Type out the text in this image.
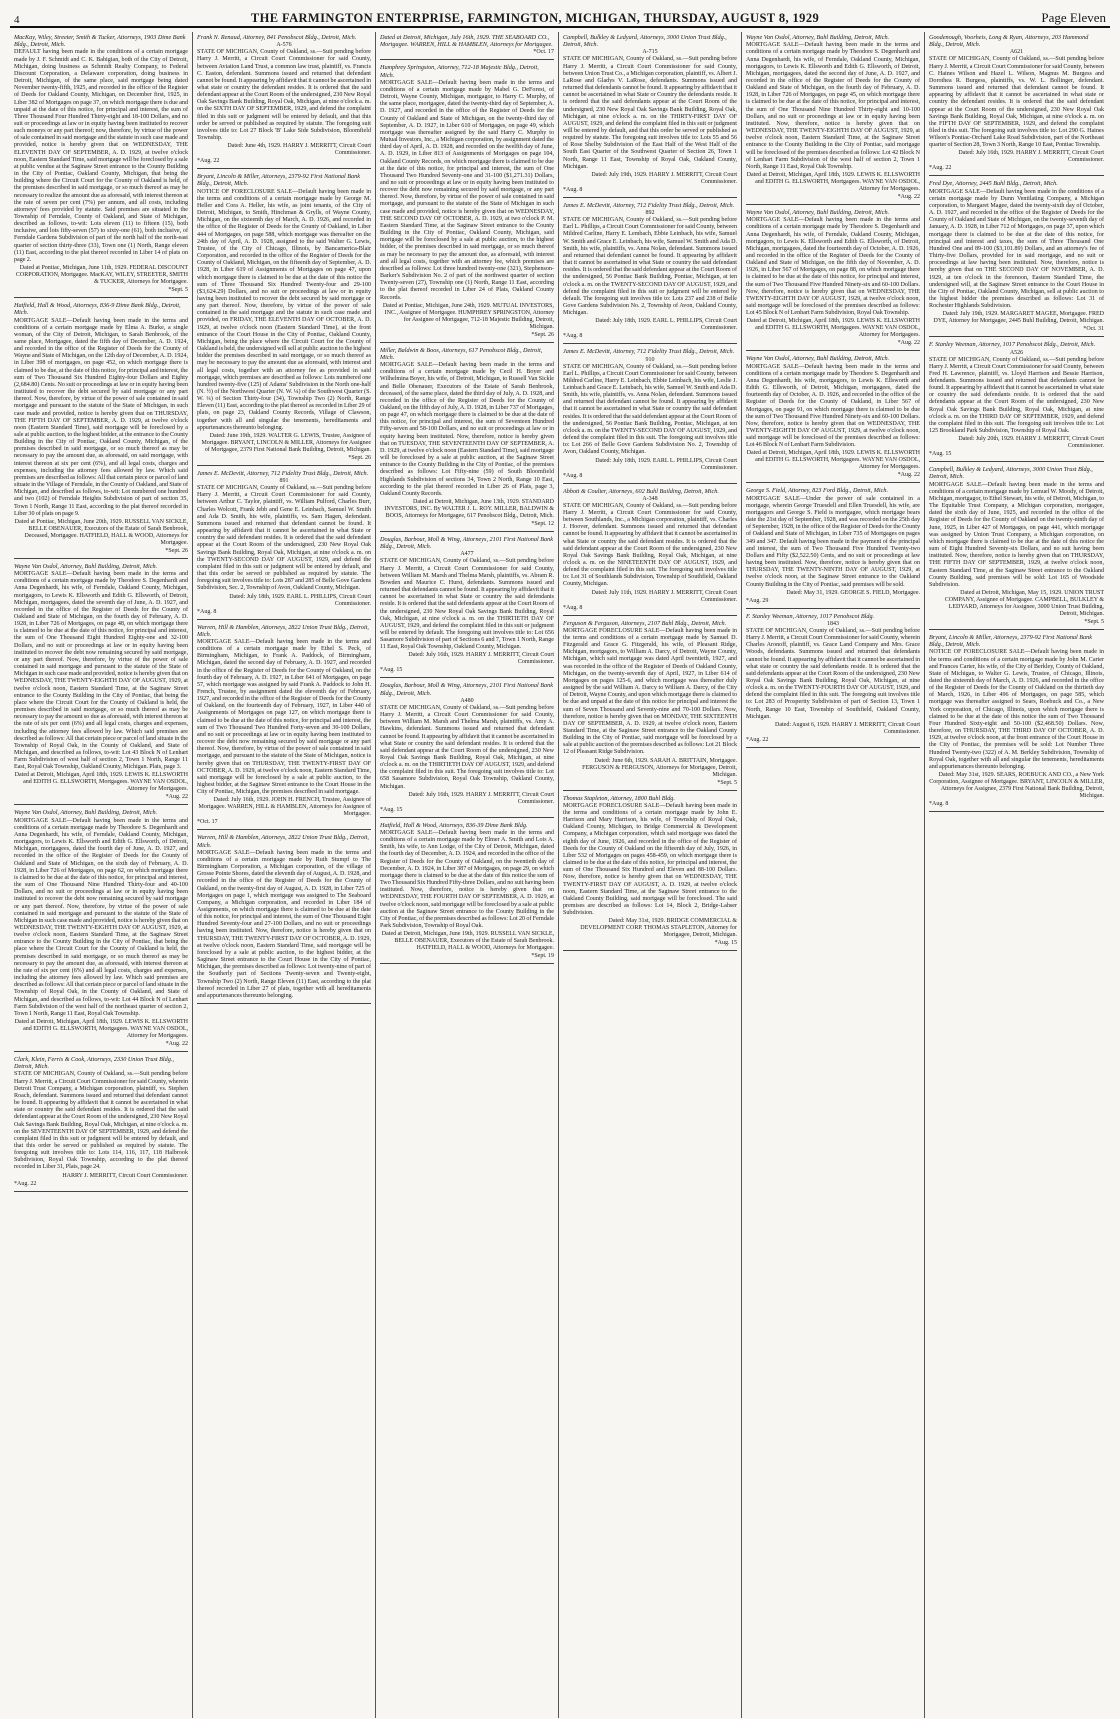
4	THE FARMINGTON ENTERPRISE, FARMINGTON, MICHIGAN, THURSDAY, AUGUST 8, 1929	Page Eleven

MacKay, Wiley, Streeter, Smith & Tucker, Attorneys, 1903 Dime Bank Bldg., Detroit, Mich.

DEFAULT having been made in the conditions of a certain mortgage made by J. F. Schmidt and C. K. Babigian, both of the City of Detroit, Michigan, doing business as Schmidt Realty Company, to Federal Discount Corporation, a Delaware corporation, doing business in Detroit, Michigan, of the same place, said mortgage being dated November twenty-fifth, 1925, and recorded in the office of the Register of Deeds for Oakland County, Michigan, on December first, 1925, in Liber 382 of Mortgages on page 37, on which mortgage there is due and unpaid at the date of this notice, for principal and interest, the sum of Three Thousand Four Hundred Thirty-eight and 18-100 Dollars, and no suit or proceedings at law or in equity having been instituted to recover such moneys or any part thereof; now, therefore, by virtue of the power of sale contained in said mortgage and the statute in such case made and provided, notice is hereby given that on WEDNESDAY, THE ELEVENTH DAY OF SEPTEMBER, A. D. 1929, at twelve o'clock noon, Eastern Standard Time, said mortgage will be foreclosed by a sale at public vendue at the Saginaw Street entrance to the County Building in the City of Pontiac, Oakland County, Michigan, that being the building where the Circuit Court for the County of Oakland is held, of the premises described in said mortgage, or so much thereof as may be necessary to realize the amount due as aforesaid, with interest thereon at the rate of seven per cent (7%) per annum, and all costs, including attorneys' fees provided by statute. Said premises are situated in the Township of Ferndale, County of Oakland, and State of Michigan, described as follows, to-wit: Lots eleven (11) to fifteen (15), both inclusive, and lots fifty-seven (57) to sixty-one (61), both inclusive, of Ferndale Gardens Subdivision of part of the north half of the north-east quarter of section thirty-three (33), Town one (1) North, Range eleven (11) East, according to the plat thereof recorded in Liber 14 of plats on page 2.

Dated at Pontiac, Michigan, June 11th, 1929. FEDERAL DISCOUNT CORPORATION, Mortgagee. MacKAY, WILEY, STREETER, SMITH & TUCKER, Attorneys for Mortgagee.

*Sept. 5

Hatfield, Hall & Wood, Attorneys, 836-9 Dime Bank Bldg., Detroit, Mich.

MORTGAGE SALE—Default having been made in the terms and conditions of a certain mortgage made by Elma A. Burke, a single woman, of the City of Detroit, Michigan, to Sarah Benbrook, of the same place, Mortgagee, dated the fifth day of December, A. D. 1924, and recorded in the office of the Register of Deeds for the County of Wayne and State of Michigan, on the 12th day of December, A. D. 1924, in Liber 398 of mortgages, on page 452, on which mortgage there is claimed to be due, at the date of this notice, for principal and interest, the sum of Two Thousand Six Hundred Eighty-four Dollars and Eighty (2,684.80) Cents. No suit or proceedings at law or in equity having been instituted to recover the debt secured by said mortgage or any part thereof. Now, therefore, by virtue of the power of sale contained in said mortgage and pursuant to the statute of the State of Michigan, in such case made and provided, notice is hereby given that on THURSDAY, THE FIFTH DAY OF SEPTEMBER, A. D. 1929, at twelve o'clock noon (Eastern Standard Time), said mortgage will be foreclosed by a sale at public auction, to the highest bidder, at the entrance to the County Building in the City of Pontiac, Oakland County, Michigan, of the premises described in said mortgage, or so much thereof as may be necessary to pay the amount due, as aforesaid, on said mortgage, with interest thereon at six per cent (6%), and all legal costs, charges and expenses, including the attorney fees allowed by law. Which said premises are described as follows: All that certain piece or parcel of land situate in the Village of Ferndale, in the County of Oakland, and State of Michigan, and described as follows, to-wit: Lot numbered one hundred and two (102) of Ferndale Heights Subdivision of part of section 35, Town 1 North, Range 11 East, according to the plat thereof recorded in Liber 30 of plats on page 9.

Dated at Pontiac, Michigan, June 20th, 1929. RUSSELL VAN SICKLE, BELLE OBENAUER, Executors of the Estate of Sarah Benbrook, Deceased, Mortgagee. HATFIELD, HALL & WOOD, Attorneys for Mortgagee.

*Sept. 26

Wayne Van Osdol, Attorney, Buhl Building, Detroit, Mich.

MORTGAGE SALE—Default having been made in the terms and conditions of a certain mortgage made by Theodore S. Degenhardt and Anna Degenhardt, his wife, of Ferndale, Oakland County, Michigan, mortgagors, to Lewis K. Ellsworth and Edith G. Ellsworth, of Detroit, Michigan, mortgagees, dated the seventh day of June, A. D. 1927, and recorded in the office of the Register of Deeds for the County of Oakland and State of Michigan, on the fourth day of February, A. D. 1928, in Liber 726 of Mortgages, on page 48, on which mortgage there is claimed to be due at the date of this notice, for principal and interest, the sum of One Thousand Eight Hundred Eighty-one and 32-100 Dollars, and no suit or proceedings at law or in equity having been instituted to recover the debt now remaining secured by said mortgage, or any part thereof. Now, therefore, by virtue of the power of sale contained in said mortgage and pursuant to the statute of the State of Michigan in such case made and provided, notice is hereby given that on WEDNESDAY, THE TWENTY-EIGHTH DAY OF AUGUST, 1929, at twelve o'clock noon, Eastern Standard Time, at the Saginaw Street entrance to the County Building in the City of Pontiac, that being the place where the Circuit Court for the County of Oakland is held, the premises described in said mortgage, or so much thereof as may be necessary to pay the amount so due as aforesaid, with interest thereon at the rate of six per cent (6%) and all legal costs, charges and expenses, including the attorney fees allowed by law. Which said premises are described as follows: All that certain piece or parcel of land situate in the Township of Royal Oak, in the County of Oakland, and State of Michigan, and described as follows, to-wit: Lot 43 Block N of Lenhart Farm Subdivision of west half of section 2, Town 1 North, Range 11 East, Royal Oak Township, Oakland County, Michigan. Plats, page 3.

Dated at Detroit, Michigan, April 18th, 1929. LEWIS K. ELLSWORTH and EDITH G. ELLSWORTH, Mortgagees. WAYNE VAN OSDOL, Attorney for Mortgagees.

*Aug. 22

Wayne Van Osdol, Attorney, Buhl Building, Detroit, Mich.

MORTGAGE SALE—Default having been made in the terms and conditions of a certain mortgage made by Theodore S. Degenhardt and Anna Degenhardt, his wife, of Ferndale, Oakland County, Michigan, mortgagors, to Lewis K. Ellsworth and Edith G. Ellsworth, of Detroit, Michigan, mortgagees, dated the fourth day of June, A. D. 1927, and recorded in the office of the Register of Deeds for the County of Oakland and State of Michigan, on the sixth day of February, A. D. 1928, in Liber 726 of Mortgages, on page 62, on which mortgage there is claimed to be due at the date of this notice, for principal and interest, the sum of One Thousand Nine Hundred Thirty-four and 40-100 Dollars, and no suit or proceedings at law or in equity having been instituted to recover the debt now remaining secured by said mortgage or any part thereof. Now, therefore, by virtue of the power of sale contained in said mortgage and pursuant to the statute of the State of Michigan in such case made and provided, notice is hereby given that on WEDNESDAY, THE TWENTY-EIGHTH DAY OF AUGUST, 1929, at twelve o'clock noon, Eastern Standard Time, at the Saginaw Street entrance to the County Building in the City of Pontiac, that being the place where the Circuit Court for the County of Oakland is held, the premises described in said mortgage, or so much thereof as may be necessary to pay the amount due, as aforesaid, with interest thereon at the rate of six per cent (6%) and all legal costs, charges and expenses, including the attorney fees allowed by law. Which said premises are described as follows: All that certain piece or parcel of land situate in the Township of Royal Oak, in the County of Oakland, and State of Michigan, and described as follows, to-wit: Lot 44 Block N of Lenhart Farm Subdivision of the west half of the northeast quarter of section 2, Town 1 North, Range 11 East, Royal Oak Township.

Dated at Detroit, Michigan, April 18th, 1929. LEWIS K. ELLSWORTH and EDITH G. ELLSWORTH, Mortgagees. WAYNE VAN OSDOL, Attorney for Mortgagees.

*Aug. 22

Clark, Klein, Ferris & Cook, Attorneys, 2330 Union Trust Bldg., Detroit, Mich.

STATE OF MICHIGAN, County of Oakland, ss.—Suit pending before Harry J. Merritt, a Circuit Court Commissioner for said County, wherein Detroit Trust Company, a Michigan corporation, plaintiff, vs. Stephen Roach, defendant. Summons issued and returned that defendant cannot be found. It appearing by affidavit that it cannot be ascertained in what state or country the said defendant resides. It is ordered that the said defendant appear at the Court Room of the undersigned, 230 New Royal Oak Savings Bank Building, Royal Oak, Michigan, at nine o'clock a. m. on the SEVENTEENTH DAY OF SEPTEMBER, 1929, and defend the complaint filed in this suit or judgment will be entered by default, and that this order be served or published as required by statute. The foregoing suit involves title to: Lots 114, 116, 117, 118 Halbrook Subdivision, Royal Oak Township, according to the plat thereof recorded in Liber 31, Plats, page 24.

HARRY J. MERRITT, Circuit Court Commissioner.

*Aug. 22

Frank N. Renaud, Attorney, 841 Penobscot Bldg., Detroit, Mich.

A-576

STATE OF MICHIGAN, County of Oakland, ss.—Suit pending before Harry J. Merritt, a Circuit Court Commissioner for said County, between Aviation Land Trust, a common law trust, plaintiff, vs. Francis C. Easton, defendant. Summons issued and returned that defendant cannot be found. It appearing by affidavit that it cannot be ascertained in what state or country the defendant resides. It is ordered that the said defendant appear at the Court Room of the undersigned, 230 New Royal Oak Savings Bank Building, Royal Oak, Michigan, at nine o'clock a. m. on the SIXTH DAY OF SEPTEMBER, 1929, and defend the complaint filed in this suit or judgment will be entered by default, and that this order be served or published as required by statute. The foregoing suit involves title to: Lot 27 Block 'B' Lake Side Subdivision, Bloomfield Township.

Dated: June 4th, 1929. HARRY J. MERRITT, Circuit Court Commissioner.

*Aug. 22

Bryant, Lincoln & Miller, Attorneys, 2379-92 First National Bank Bldg., Detroit, Mich.

NOTICE OF FORECLOSURE SALE—Default having been made in the terms and conditions of a certain mortgage made by George M. Heller and Cora A. Heller, his wife, as joint tenants, of the City of Detroit, Michigan, to Smith, Hinchman & Grylls, of Wayne County, Michigan, on the sixteenth day of March, A. D. 1926, and recorded in the office of the Register of Deeds for the County of Oakland, in Liber 444 of Mortgages, on page 588, which mortgage was thereafter on the 24th day of April, A. D. 1928, assigned to the said Walter G. Lewis, Trustee, of the City of Chicago, Illinois, by Bancamerica-Blair Corporation, and recorded in the office of the Register of Deeds for the County of Oakland, Michigan, on the fifteenth day of September, A. D. 1928, in Liber 619 of Assignments of Mortgages on page 47, upon which mortgage there is claimed to be due at the date of this notice the sum of Three Thousand Six Hundred Twenty-four and 29-100 ($3,624.29) Dollars, and no suit or proceedings at law or in equity having been instituted to recover the debt secured by said mortgage or any part thereof. Now, therefore, by virtue of the power of sale contained in the said mortgage and the statute in such case made and provided, on FRIDAY, THE ELEVENTH DAY OF OCTOBER, A. D. 1929, at twelve o'clock noon (Eastern Standard Time), at the front entrance of the Court House in the City of Pontiac, Oakland County, Michigan, being the place where the Circuit Court for the County of Oakland is held, the undersigned will sell at public auction to the highest bidder the premises described in said mortgage, or so much thereof as may be necessary to pay the amount due as aforesaid, with interest and all legal costs, together with an attorney fee as provided in said mortgage, which premises are described as follows: Lots numbered one hundred twenty-five (125) of Adams' Subdivision in the North one-half (N. ½) of the Northwest Quarter (N. W. ¼) of the Southwest Quarter (S. W. ¼) of Section Thirty-four (34), Township Two (2) North, Range Eleven (11) East, according to the plat thereof as recorded in Liber 29 of plats, on page 23, Oakland County Records, Village of Clawson, together with all and singular the tenements, hereditaments and appurtenances thereunto belonging.

Dated: June 19th, 1929. WALTER G. LEWIS, Trustee, Assignee of Mortgagee. BRYANT, LINCOLN & MILLER, Attorneys for Assignee of Mortgagee, 2379 First National Bank Building, Detroit, Michigan.

*Sept. 26

James E. McDevitt, Attorney, 712 Fidelity Trust Bldg., Detroit, Mich.

891

STATE OF MICHIGAN, County of Oakland, ss.—Suit pending before Harry J. Merritt, a Circuit Court Commissioner for said County, between Arthur C. Taylor, plaintiff, vs. William Pulford, Charles Burr, Charles Wolcott, Frank Jebb and Gene E. Leinbach, Samuel W. Smith and Ada D. Smith, his wife, plaintiffs, vs. Sam Hagen, defendant. Summons issued and returned that defendant cannot be found. It appearing by affidavit that it cannot be ascertained in what State or country the said defendant resides. It is ordered that the said defendant appear at the Court Room of the undersigned, 230 New Royal Oak Savings Bank Building, Royal Oak, Michigan, at nine o'clock a. m. on the TWENTY-SECOND DAY OF AUGUST, 1929, and defend the complaint filed in this suit or judgment will be entered by default, and that this order be served or published as required by statute. The foregoing suit involves title to: Lots 287 and 285 of Belle Gove Gardens Subdivision, Sec. 2, Township of Avon, Oakland County, Michigan.

Dated: July 18th, 1929. EARL L. PHILLIPS, Circuit Court Commissioner.

*Aug. 8

Warren, Hill & Hamblen, Attorneys, 2822 Union Trust Bldg., Detroit, Mich.

MORTGAGE SALE—Default having been made in the terms and conditions of a certain mortgage made by Ethel S. Peck, of Birmingham, Michigan, to Frank A. Paddock, of Birmingham, Michigan, dated the second day of February, A. D. 1927, and recorded in the office of the Register of Deeds for the County of Oakland, on the fourth day of February, A. D. 1927, in Liber 641 of Mortgages, on page 57, which mortgage was assigned by said Frank A. Paddock to John H. French, Trustee, by assignment dated the eleventh day of February, 1927, and recorded in the office of the Register of Deeds for the County of Oakland, on the fourteenth day of February, 1927, in Liber 440 of Assignments of Mortgages on page 127, on which mortgage there is claimed to be due at the date of this notice, for principal and interest, the sum of Two Thousand Two Hundred Forty-seven and 30-100 Dollars, and no suit or proceedings at law or in equity having been instituted to recover the debt now remaining secured by said mortgage or any part thereof. Now, therefore, by virtue of the power of sale contained in said mortgage, and pursuant to the statute of the State of Michigan, notice is hereby given that on THURSDAY, THE TWENTY-FIRST DAY OF OCTOBER, A. D. 1929, at twelve o'clock noon, Eastern Standard Time, said mortgage will be foreclosed by a sale at public auction, to the highest bidder, at the Saginaw Street entrance to the Court House in the City of Pontiac, Michigan, the premises described in said mortgage.

Dated: July 16th, 1929. JOHN H. FRENCH, Trustee, Assignee of Mortgagee. WARREN, HILL & HAMBLEN, Attorneys for Assignee of Mortgagee.

*Oct. 17

Warren, Hill & Hamblen, Attorneys, 2822 Union Trust Bldg., Detroit, Mich.

MORTGAGE SALE—Default having been made in the terms and conditions of a certain mortgage made by Ruth Stumpf to The Birmingham Corporation, a Michigan corporation, of the village of Grosse Pointe Shores, dated the eleventh day of August, A. D. 1928, and recorded in the office of the Register of Deeds for the County of Oakland, on the twenty-first day of August, A. D. 1928, in Liber 725 of Mortgages on page 1, which mortgage was assigned to The Seaboard Company, a Michigan corporation, and recorded in Liber 184 of Assignments, on which mortgage there is claimed to be due at the date of this notice, for principal and interest, the sum of One Thousand Eight Hundred Seventy-four and 27-100 Dollars, and no suit or proceedings having been instituted. Now, therefore, notice is hereby given that on THURSDAY, THE TWENTY-FIRST DAY OF OCTOBER, A. D. 1929, at twelve o'clock noon, Eastern Standard Time, said mortgage will be foreclosed by a sale at public auction, to the highest bidder, at the Saginaw Street entrance to the Court House in the City of Pontiac, Michigan, the premises described as follows: Lot twenty-nine of part of the Southerly part of Sections Twenty-seven and Twenty-eight, Township Two (2) North, Range Eleven (11) East, according to the plat thereof recorded in Liber 27 of plats, together with all hereditaments and appurtenances thereunto belonging.

Dated at Detroit, Michigan, July 16th, 1929. THE SEABOARD CO., Mortgagee. WARREN, HILL & HAMBLEN, Attorneys for Mortgagee.

*Oct. 17

Humphrey Springston, Attorney, 712-18 Majestic Bldg., Detroit, Mich.

MORTGAGE SALE—Default having been made in the terms and conditions of a certain mortgage made by Mabel G. DeForest, of Detroit, Wayne County, Michigan, mortgagor, to Harry C. Murphy, of the same place, mortgagee, dated the twenty-third day of September, A. D. 1927, and recorded in the office of the Register of Deeds for the County of Oakland and State of Michigan, on the twenty-third day of September, A. D. 1927, in Liber 610 of Mortgages, on page 49, which mortgage was thereafter assigned by the said Harry C. Murphy to Mutual Investors, Inc., a Michigan corporation, by assignment dated the third day of April, A. D. 1928, and recorded on the twelfth day of June, A. D. 1929, in Liber 813 of Assignments of Mortgages on page 104, Oakland County Records, on which mortgage there is claimed to be due at the date of this notice, for principal and interest, the sum of One Thousand Two Hundred Seventy-one and 31-100 ($1,271.31) Dollars, and no suit or proceedings at law or in equity having been instituted to recover the debt now remaining secured by said mortgage, or any part thereof. Now, therefore, by virtue of the power of sale contained in said mortgage, and pursuant to the statute of the State of Michigan in such case made and provided, notice is hereby given that on WEDNESDAY, THE SECOND DAY OF OCTOBER, A. D. 1929, at two o'clock P. M. Eastern Standard Time, at the Saginaw Street entrance to the County Building in the City of Pontiac, Oakland County, Michigan, said mortgage will be foreclosed by a sale at public auction, to the highest bidder, of the premises described in said mortgage, or so much thereof as may be necessary to pay the amount due, as aforesaid, with interest and all legal costs, together with an attorney fee, which premises are described as follows: Lot three hundred twenty-one (321), Stephenson-Barker's Subdivision No. 2 of part of the northwest quarter of section Twenty-seven (27), Township one (1) North, Range 11 East, according to the plat thereof recorded in Liber 24 of Plats, Oakland County Records.

Dated at Pontiac, Michigan, June 24th, 1929. MUTUAL INVESTORS, INC., Assignee of Mortgagee. HUMPHREY SPRINGSTON, Attorney for Assignee of Mortgagee, 712-18 Majestic Building, Detroit, Michigan.

*Sept. 26

Miller, Baldwin & Boos, Attorneys, 617 Penobscot Bldg., Detroit, Mich.

MORTGAGE SALE—Default having been made in the terms and conditions of a certain mortgage made by Cecil H. Boyer and Wilhelmina Boyer, his wife, of Detroit, Michigan, to Russell Van Sickle and Belle Obenauer, Executors of the Estate of Sarah Benbrook, deceased, of the same place, dated the third day of July, A. D. 1928, and recorded in the office of the Register of Deeds for the County of Oakland, on the fifth day of July, A. D. 1928, in Liber 737 of Mortgages, on page 47, on which mortgage there is claimed to be due at the date of this notice, for principal and interest, the sum of Seventeen Hundred Fifty-seven and 58-100 Dollars, and no suit or proceedings at law or in equity having been instituted. Now, therefore, notice is hereby given that on TUESDAY, THE SEVENTEENTH DAY OF SEPTEMBER, A. D. 1929, at twelve o'clock noon (Eastern Standard Time), said mortgage will be foreclosed by a sale at public auction, at the Saginaw Street entrance to the County Building in the City of Pontiac, of the premises described as follows: Lot Fifty-nine (59) of South Bloomfield Highlands Subdivision of sections 34, Town 2 North, Range 10 East, according to the plat thereof recorded in Liber 26 of Plats, page 3, Oakland County Records.

Dated at Detroit, Michigan, June 13th, 1929. STANDARD INVESTORS, INC. By WALTER J. L. ROY. MILLER, BALDWIN & BOOS, Attorneys for Mortgagee, 617 Penobscot Bldg., Detroit, Mich.

*Sept. 12

Douglas, Barbour, Moll & Wing, Attorneys, 2101 First National Bank Bldg., Detroit, Mich.

A477

STATE OF MICHIGAN, County of Oakland, ss.—Suit pending before Harry J. Merritt, a Circuit Court Commissioner for said County, between William M. Marsh and Thelma Marsh, plaintiffs, vs. Abram R. Bowden and Maurice C. Hurst, defendants. Summons issued and returned that defendants cannot be found. It appearing by affidavit that it cannot be ascertained in what State or country the said defendants reside. It is ordered that the said defendants appear at the Court Room of the undersigned, 230 New Royal Oak Savings Bank Building, Royal Oak, Michigan, at nine o'clock a. m. on the THIRTIETH DAY OF AUGUST, 1929, and defend the complaint filed in this suit or judgment will be entered by default. The foregoing suit involves title to: Lot 656 Sasamore Subdivision of part of Sections 6 and 7, Town 1 North, Range 11 East, Royal Oak Township, Oakland County, Michigan.

Dated: July 16th, 1929. HARRY J. MERRITT, Circuit Court Commissioner.

*Aug. 15

Douglas, Barbour, Moll & Wing, Attorneys, 2101 First National Bank Bldg., Detroit, Mich.

A480

STATE OF MICHIGAN, County of Oakland, ss.—Suit pending before Harry J. Merritt, a Circuit Court Commissioner for said County, between William M. Marsh and Thelma Marsh, plaintiffs, vs. Amy A. Hawkins, defendant. Summons issued and returned that defendant cannot be found. It appearing by affidavit that it cannot be ascertained in what State or country the said defendant resides. It is ordered that the said defendant appear at the Court Room of the undersigned, 230 New Royal Oak Savings Bank Building, Royal Oak, Michigan, at nine o'clock a. m. on the THIRTIETH DAY OF AUGUST, 1929, and defend the complaint filed in this suit. The foregoing suit involves title to: Lot 658 Sasamore Subdivision, Royal Oak Township, Oakland County, Michigan.

Dated: July 16th, 1929. HARRY J. MERRITT, Circuit Court Commissioner.

*Aug. 15

Hatfield, Hall & Wood, Attorneys, 836-39 Dime Bank Bldg.

MORTGAGE SALE—Default having been made in the terms and conditions of a certain mortgage made by Elmer A. Smith and Lois A. Smith, his wife, to Ann Lodge, of the City of Detroit, Michigan, dated the fourth day of December, A. D. 1924, and recorded in the office of the Register of Deeds for the County of Oakland, on the twentieth day of December, A. D. 1924, in Liber 387 of Mortgages, on page 29, on which mortgage there is claimed to be due at the date of this notice the sum of Two Thousand Six Hundred Fifty-three Dollars, and no suit having been instituted. Now, therefore, notice is hereby given that on WEDNESDAY, THE FOURTH DAY OF SEPTEMBER, A. D. 1929, at twelve o'clock noon, said mortgage will be foreclosed by a sale at public auction at the Saginaw Street entrance to the County Building in the City of Pontiac, of the premises described as follows: Lot 20 of Ferndale Park Subdivision, Township of Royal Oak.

Dated at Detroit, Michigan, June 19th, 1929. RUSSELL VAN SICKLE, BELLE OBENAUER, Executors of the Estate of Sarah Benbrook. HATFIELD, HALL & WOOD, Attorneys for Mortgagee.

*Sept. 19

Campbell, Bulkley & Ledyard, Attorneys, 3000 Union Trust Bldg., Detroit, Mich.

A-715

STATE OF MICHIGAN, County of Oakland, ss.—Suit pending before Harry J. Merritt, a Circuit Court Commissioner for said County, between Union Trust Co., a Michigan corporation, plaintiff, vs. Albert J. LaRose and Gladys V. LaRose, defendants. Summons issued and returned that defendants cannot be found. It appearing by affidavit that it cannot be ascertained in what State or Country the defendants reside. It is ordered that the said defendants appear at the Court Room of the undersigned, 230 New Royal Oak Savings Bank Building, Royal Oak, Michigan, at nine o'clock a. m. on the THIRTY-FIRST DAY OF AUGUST, 1929, and defend the complaint filed in this suit or judgment will be entered by default, and that this order be served or published as required by statute. The foregoing suit involves title to: Lots 55 and 56 of Rose Shelby Subdivision of the East Half of the West Half of the South East Quarter of the Southwest Quarter of Section 26, Town 1 North, Range 11 East, Township of Royal Oak, Oakland County, Michigan.

Dated: July 19th, 1929. HARRY J. MERRITT, Circuit Court Commissioner.

*Aug. 8

James E. McDevitt, Attorney, 712 Fidelity Trust Bldg., Detroit, Mich.

892

STATE OF MICHIGAN, County of Oakland, ss.—Suit pending before Earl L. Phillips, a Circuit Court Commissioner for said County, between Mildred Carline, Harry E. Lembach, Ebbie Leinbach, his wife, Samuel W. Smith and Grace E. Leinbach, his wife, Samuel W. Smith and Ada D. Smith, his wife, plaintiffs, vs. Anna Nolan, defendant. Summons issued and returned that defendant cannot be found. It appearing by affidavit that it cannot be ascertained in what State or country the said defendant resides. It is ordered that the said defendant appear at the Court Room of the undersigned, 56 Pontiac Bank Building, Pontiac, Michigan, at ten o'clock a. m. on the TWENTY-SECOND DAY OF AUGUST, 1929, and defend the complaint filed in this suit or judgment will be entered by default. The foregoing suit involves title to: Lots 237 and 238 of Belle Gove Gardens Subdivision No. 2, Township of Avon, Oakland County, Michigan.

Dated: July 18th, 1929. EARL L. PHILLIPS, Circuit Court Commissioner.

*Aug. 8

James E. McDevitt, Attorney, 712 Fidelity Trust Bldg., Detroit, Mich.

910

STATE OF MICHIGAN, County of Oakland, ss.—Suit pending before Earl L. Phillips, a Circuit Court Commissioner for said County, between Mildred Carline, Harry E. Leinbach, Ebbie Leinbach, his wife, Leslie J. Leinbach and Grace E. Leinbach, his wife, Samuel W. Smith and Ada D. Smith, his wife, plaintiffs, vs. Anna Nolan, defendant. Summons issued and returned that defendant cannot be found. It appearing by affidavit that it cannot be ascertained in what State or country the said defendant resides. It is ordered that the said defendant appear at the Court Room of the undersigned, 56 Pontiac Bank Building, Pontiac, Michigan, at ten o'clock a. m. on the TWENTY-SECOND DAY OF AUGUST, 1929, and defend the complaint filed in this suit. The foregoing suit involves title to: Lot 266 of Belle Gove Gardens Subdivision No. 2, Township of Avon, Oakland County, Michigan.

Dated: July 18th, 1929. EARL L. PHILLIPS, Circuit Court Commissioner.

*Aug. 8

Abbott & Coulter, Attorneys, 602 Buhl Building, Detroit, Mich.

A-348

STATE OF MICHIGAN, County of Oakland, ss.—Suit pending before Harry J. Merritt, a Circuit Court Commissioner for said County, between Southlands, Inc., a Michigan corporation, plaintiff, vs. Charles J. Hoover, defendant. Summons issued and returned that defendant cannot be found. It appearing by affidavit that it cannot be ascertained in what State or country the said defendant resides. It is ordered that the said defendant appear at the Court Room of the undersigned, 230 New Royal Oak Savings Bank Building, Royal Oak, Michigan, at nine o'clock a. m. on the NINETEENTH DAY OF AUGUST, 1929, and defend the complaint filed in this suit. The foregoing suit involves title to: Lot 31 of Southlands Subdivision, Township of Southfield, Oakland County, Michigan.

Dated: July 11th, 1929. HARRY J. MERRITT, Circuit Court Commissioner.

*Aug. 8

Ferguson & Ferguson, Attorneys, 2107 Buhl Bldg., Detroit, Mich.

MORTGAGE FORECLOSURE SALE—Default having been made in the terms and conditions of a certain mortgage made by Samuel D. Fitzgerald and Grace G. Fitzgerald, his wife, of Pleasant Ridge, Michigan, mortgagors, to William A. Darcy, of Detroit, Wayne County, Michigan, which said mortgage was dated April twentieth, 1927, and was recorded in the office of the Register of Deeds of Oakland County, Michigan, on the twenty-seventh day of April, 1927, in Liber 614 of Mortgages on pages 125-6, and which mortgage was thereafter duly assigned by the said William A. Darcy to William A. Darcy, of the City of Detroit, Wayne County, and upon which mortgage there is claimed to be due and unpaid at the date of this notice for principal and interest the sum of Seven Thousand and Seventy-nine and 70-100 Dollars. Now, therefore, notice is hereby given that on MONDAY, THE SIXTEENTH DAY OF SEPTEMBER, A. D. 1929, at twelve o'clock noon, Eastern Standard Time, at the Saginaw Street entrance to the Oakland County Building in the City of Pontiac, said mortgage will be foreclosed by a sale at public auction of the premises described as follows: Lot 21 Block 12 of Pleasant Ridge Subdivision.

Dated: June 6th, 1929. SARAH A. BRITTAIN, Mortgagee. FERGUSON & FERGUSON, Attorneys for Mortgagee, Detroit, Michigan.

*Sept. 5

Thomas Stapleton, Attorney, 1800 Buhl Bldg.

MORTGAGE FORECLOSURE SALE—Default having been made in the terms and conditions of a certain mortgage made by John E. Harrison and Mary Harrison, his wife, of Township of Royal Oak, Oakland County, Michigan, to Bridge Commercial & Development Company, a Michigan corporation, which said mortgage was dated the eighth day of June, 1926, and recorded in the office of the Register of Deeds for the County of Oakland on the fifteenth day of July, 1926, in Liber 532 of Mortgages on pages 458-459, on which mortgage there is claimed to be due at the date of this notice, for principal and interest, the sum of One Thousand Six Hundred and Eleven and 88-100 Dollars. Now, therefore, notice is hereby given that on WEDNESDAY, THE TWENTY-FIRST DAY OF AUGUST, A. D. 1929, at twelve o'clock noon, Eastern Standard Time, at the Saginaw Street entrance to the Oakland County Building, said mortgage will be foreclosed. The said premises are described as follows: Lot 14, Block 2, Bridge-Lahser Subdivision.

Dated: May 31st, 1929. BRIDGE COMMERCIAL & DEVELOPMENT CORP. THOMAS STAPLETON, Attorney for Mortgagee, Detroit, Michigan.

*Aug. 15

Wayne Van Osdol, Attorney, Buhl Building, Detroit, Mich.

MORTGAGE SALE—Default having been made in the terms and conditions of a certain mortgage made by Theodore S. Degenhardt and Anna Degenhardt, his wife, of Ferndale, Oakland County, Michigan, mortgagors, to Lewis K. Ellsworth and Edith G. Ellsworth, of Detroit, Michigan, mortgagees, dated the second day of June, A. D. 1927, and recorded in the office of the Register of Deeds for the County of Oakland and State of Michigan, on the fourth day of February, A. D. 1928, in Liber 726 of Mortgages, on page 45, on which mortgage there is claimed to be due at the date of this notice, for principal and interest, the sum of One Thousand Nine Hundred Thirty-eight and 10-100 Dollars, and no suit or proceedings at law or in equity having been instituted. Now, therefore, notice is hereby given that on WEDNESDAY, THE TWENTY-EIGHTH DAY OF AUGUST, 1929, at twelve o'clock noon, Eastern Standard Time, at the Saginaw Street entrance to the County Building in the City of Pontiac, said mortgage will be foreclosed of the premises described as follows: Lot 42 Block N of Lenhart Farm Subdivision of the west half of section 2, Town 1 North, Range 11 East, Royal Oak Township.

Dated at Detroit, Michigan, April 18th, 1929. LEWIS K. ELLSWORTH and EDITH G. ELLSWORTH, Mortgagees. WAYNE VAN OSDOL, Attorney for Mortgagees.

*Aug. 22

Wayne Van Osdol, Attorney, Buhl Building, Detroit, Mich.

MORTGAGE SALE—Default having been made in the terms and conditions of a certain mortgage made by Theodore S. Degenhardt and Anna Degenhardt, his wife, of Ferndale, Oakland County, Michigan, mortgagors, to Lewis K. Ellsworth and Edith G. Ellsworth, of Detroit, Michigan, mortgagees, dated the fourteenth day of October, A. D. 1926, and recorded in the office of the Register of Deeds for the County of Oakland and State of Michigan, on the fifth day of November, A. D. 1926, in Liber 567 of Mortgages, on page 88, on which mortgage there is claimed to be due at the date of this notice, for principal and interest, the sum of Two Thousand Five Hundred Ninety-six and 60-100 Dollars. Now, therefore, notice is hereby given that on WEDNESDAY, THE TWENTY-EIGHTH DAY OF AUGUST, 1929, at twelve o'clock noon, said mortgage will be foreclosed of the premises described as follows: Lot 45 Block N of Lenhart Farm Subdivision, Royal Oak Township.

Dated at Detroit, Michigan, April 18th, 1929. LEWIS K. ELLSWORTH and EDITH G. ELLSWORTH, Mortgagees. WAYNE VAN OSDOL, Attorney for Mortgagees.

*Aug. 22

Wayne Van Osdol, Attorney, Buhl Building, Detroit, Mich.

MORTGAGE SALE—Default having been made in the terms and conditions of a certain mortgage made by Theodore S. Degenhardt and Anna Degenhardt, his wife, mortgagors, to Lewis K. Ellsworth and Edith G. Ellsworth, of Detroit, Michigan, mortgagees, dated the fourteenth day of October, A. D. 1926, and recorded in the office of the Register of Deeds for the County of Oakland, in Liber 567 of Mortgages, on page 91, on which mortgage there is claimed to be due the sum of Two Thousand Five Hundred Ninety-six and 60-100 Dollars. Now, therefore, notice is hereby given that on WEDNESDAY, THE TWENTY-EIGHTH DAY OF AUGUST, 1929, at twelve o'clock noon, said mortgage will be foreclosed of the premises described as follows: Lot 46 Block N of Lenhart Farm Subdivision.

Dated at Detroit, Michigan, April 18th, 1929. LEWIS K. ELLSWORTH and EDITH G. ELLSWORTH, Mortgagees. WAYNE VAN OSDOL, Attorney for Mortgagees.

*Aug. 22

George S. Field, Attorney, 823 Ford Bldg., Detroit, Mich.

MORTGAGE SALE—Under the power of sale contained in a mortgage, wherein George Truesdell and Ellen Truesdell, his wife, are mortgagors and George S. Field is mortgagee, which mortgage bears date the 21st day of September, 1928, and was recorded on the 25th day of September, 1928, in the office of the Register of Deeds for the County of Oakland and State of Michigan, in Liber 735 of Mortgages on pages 349 and 347. Default having been made in the payment of the principal and interest, the sum of Two Thousand Five Hundred Twenty-two Dollars and Fifty ($2,522.50) Cents, and no suit or proceedings at law having been instituted. Now, therefore, notice is hereby given that on THURSDAY, THE TWENTY-NINTH DAY OF AUGUST, 1929, at twelve o'clock noon, at the Saginaw Street entrance to the Oakland County Building in the City of Pontiac, said premises will be sold.

Dated: May 31, 1929. GEORGE S. FIELD, Mortgagee.

*Aug. 29

F. Stanley Weeman, Attorney, 1017 Penobscot Bldg.

1843

STATE OF MICHIGAN, County of Oakland, ss.—Suit pending before Harry J. Merritt, a Circuit Court Commissioner for said County, wherein Charles Aronoff, plaintiff, vs. Grace Land Company and Mrs. Grace Woods, defendants. Summons issued and returned that defendants cannot be found. It appearing by affidavit that it cannot be ascertained in what state or country the said defendants reside. It is ordered that the said defendants appear at the Court Room of the undersigned, 230 New Royal Oak Savings Bank Building, Royal Oak, Michigan, at nine o'clock a. m. on the TWENTY-FOURTH DAY OF AUGUST, 1929, and defend the complaint filed in this suit. The foregoing suit involves title to: Lot 283 of Prosperity Subdivision of part of Section 13, Town 1 North, Range 10 East, Township of Southfield, Oakland County, Michigan.

Dated: August 6, 1929. HARRY J. MERRITT, Circuit Court Commissioner.

*Aug. 22

Goodenough, Voorheis, Long & Ryan, Attorneys, 203 Hammond Bldg., Detroit, Mich.

A621

STATE OF MICHIGAN, County of Oakland, ss.—Suit pending before Harry J. Merritt, a Circuit Court Commissioner for said County, between C. Haines Wilson and Hazel L. Wilson, Magnus M. Burgess and Dorothea R. Burgess, plaintiffs, vs. W. L. Bollinger, defendant. Summons issued and returned that defendant cannot be found. It appearing by affidavit that it cannot be ascertained in what state or country the defendant resides. It is ordered that the said defendant appear at the Court Room of the undersigned, 230 New Royal Oak Savings Bank Building, Royal Oak, Michigan, at nine o'clock a. m. on the FIFTH DAY OF SEPTEMBER, 1929, and defend the complaint filed in this suit. The foregoing suit involves title to: Lot 290 G. Haines Wilson's Pontiac-Orchard Lake Road Subdivision, part of the Northeast quarter of Section 28, Town 3 North, Range 10 East, Pontiac Township.

Dated: July 16th, 1929. HARRY J. MERRITT, Circuit Court Commissioner.

*Aug. 22

Fred Dye, Attorney, 2445 Buhl Bldg., Detroit, Mich.

MORTGAGE SALE—Default having been made in the conditions of a certain mortgage made by Dunn Ventilating Company, a Michigan corporation, to Margaret Magee, dated the twenty-sixth day of October, A. D. 1927, and recorded in the office of the Register of Deeds for the County of Oakland and State of Michigan, on the twenty-seventh day of January, A. D. 1928, in Liber 712 of Mortgages, on page 37, upon which mortgage there is claimed to be due at the date of this notice, for principal and interest and taxes, the sum of Three Thousand One Hundred One and 89-100 ($3,101.89) Dollars, and an attorney's fee of Thirty-five Dollars, provided for in said mortgage, and no suit or proceedings at law having been instituted. Now, therefore, notice is hereby given that on THE SECOND DAY OF NOVEMBER, A. D. 1929, at ten o'clock in the forenoon, Eastern Standard Time, the undersigned will, at the Saginaw Street entrance to the Court House in the City of Pontiac, Oakland County, Michigan, sell at public auction to the highest bidder the premises described as follows: Lot 31 of Rochester Highlands Subdivision.

Dated: July 19th, 1929. MARGARET MAGEE, Mortgagee. FRED DYE, Attorney for Mortgagee, 2445 Buhl Building, Detroit, Michigan.

*Oct. 31

F. Stanley Weeman, Attorney, 1017 Penobscot Bldg., Detroit, Mich.

A526

STATE OF MICHIGAN, County of Oakland, ss.—Suit pending before Harry J. Merritt, a Circuit Court Commissioner for said County, between Fred H. Lawrence, plaintiff, vs. Lloyd Harrison and Bessie Harrison, defendants. Summons issued and returned that defendants cannot be found. It appearing by affidavit that it cannot be ascertained in what state or country the said defendants reside. It is ordered that the said defendants appear at the Court Room of the undersigned, 230 New Royal Oak Savings Bank Building, Royal Oak, Michigan, at nine o'clock a. m. on the THIRD DAY OF SEPTEMBER, 1929, and defend the complaint filed in this suit. The foregoing suit involves title to: Lot 125 Brookland Park Subdivision, Township of Royal Oak.

Dated: July 20th, 1929. HARRY J. MERRITT, Circuit Court Commissioner.

*Aug. 15

Campbell, Bulkley & Ledyard, Attorneys, 3000 Union Trust Bldg., Detroit, Mich.

MORTGAGE SALE—Default having been made in the terms and conditions of a certain mortgage made by Lemuel W. Moody, of Detroit, Michigan, mortgagor, to Ethel Stewart, his wife, of Detroit, Michigan, to The Equitable Trust Company, a Michigan corporation, mortgagee, dated the sixth day of June, 1925, and recorded in the office of the Register of Deeds for the County of Oakland on the twenty-ninth day of June, 1925, in Liber 427 of Mortgages, on page 441, which mortgage was assigned by Union Trust Company, a Michigan corporation, on which mortgage there is claimed to be due at the date of this notice the sum of Eight Hundred Seventy-six Dollars, and no suit having been instituted. Now, therefore, notice is hereby given that on THURSDAY, THE FIFTH DAY OF SEPTEMBER, 1929, at twelve o'clock noon, Eastern Standard Time, at the Saginaw Street entrance to the Oakland County Building, said premises will be sold: Lot 165 of Woodside Subdivision.

Dated at Detroit, Michigan, May 15, 1929. UNION TRUST COMPANY, Assignee of Mortgagee. CAMPBELL, BULKLEY & LEDYARD, Attorneys for Assignee, 3000 Union Trust Building, Detroit, Michigan.

*Sept. 5

Bryant, Lincoln & Miller, Attorneys, 2379-92 First National Bank Bldg., Detroit, Mich.

NOTICE OF FORECLOSURE SALE—Default having been made in the terms and conditions of a certain mortgage made by John M. Carter and Frances Carter, his wife, of the City of Berkley, County of Oakland, State of Michigan, to Walter G. Lewis, Trustee, of Chicago, Illinois, dated the sixteenth day of March, A. D. 1926, and recorded in the office of the Register of Deeds for the County of Oakland on the thirtieth day of March, 1926, in Liber 496 of Mortgages, on page 585, which mortgage was thereafter assigned to Sears, Roebuck and Co., a New York corporation, of Chicago, Illinois, upon which mortgage there is claimed to be due at the date of this notice the sum of Two Thousand Four Hundred Sixty-eight and 50-100 ($2,468.50) Dollars. Now, therefore, on THURSDAY, THE THIRD DAY OF OCTOBER, A. D. 1929, at twelve o'clock noon, at the front entrance of the Court House in the City of Pontiac, the premises will be sold: Lot Number Three Hundred Twenty-two (322) of A. M. Berkley Subdivision, Township of Royal Oak, together with all and singular the tenements, hereditaments and appurtenances thereunto belonging.

Dated: May 31st, 1929. SEARS, ROEBUCK AND CO., a New York Corporation, Assignee of Mortgagee. BRYANT, LINCOLN & MILLER, Attorneys for Assignee, 2379 First National Bank Building, Detroit, Michigan.

*Aug. 8
